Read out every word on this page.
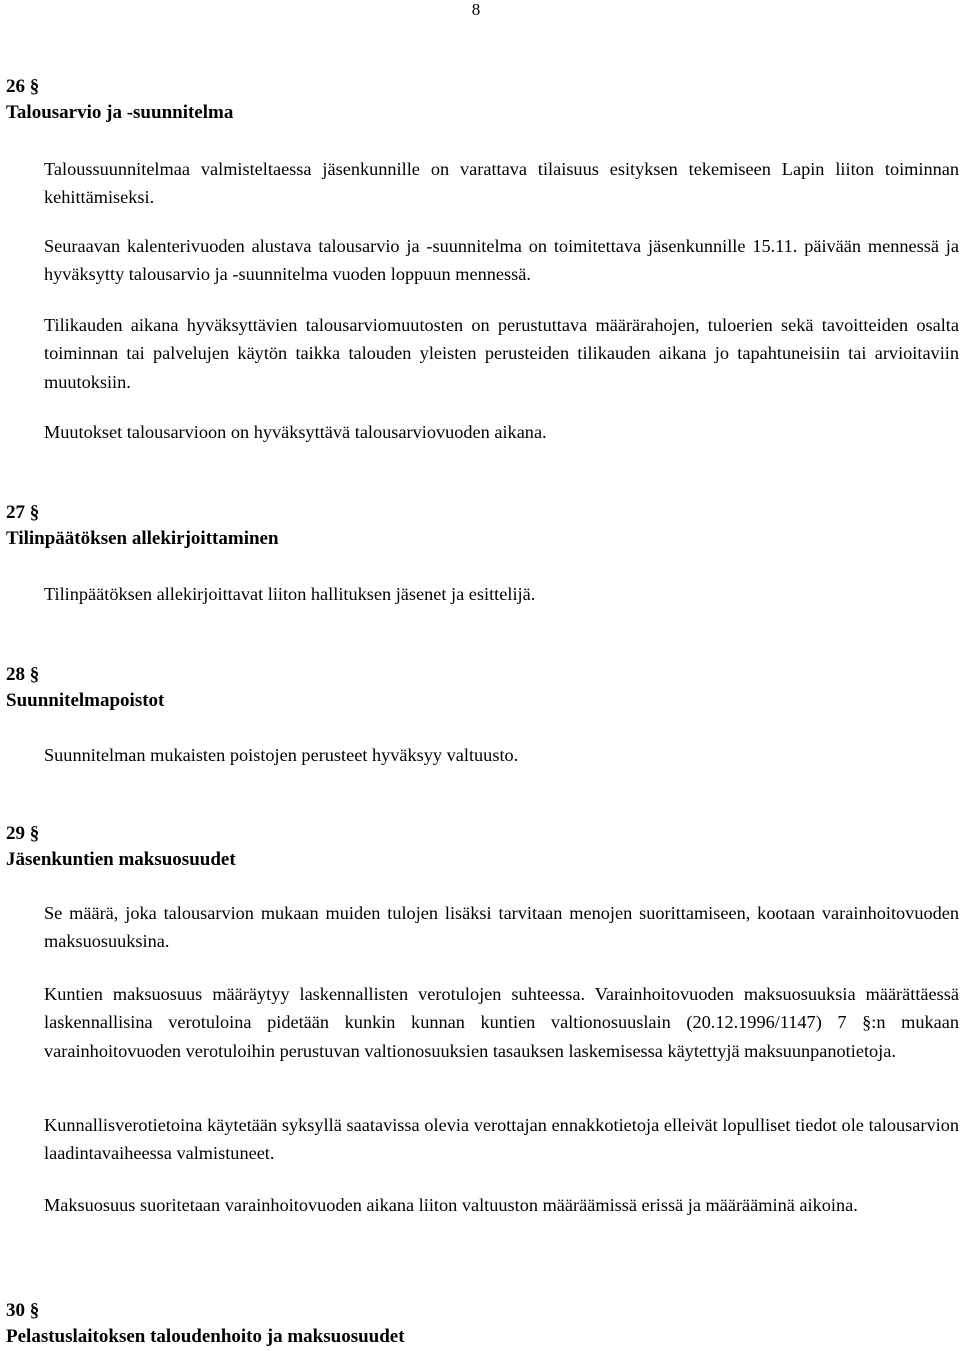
8

26 §

Talousarvio ja -suunnitelma

Taloussuunnitelmaa valmisteltaessa jäsenkunnille on varattava tilaisuus esityksen tekemiseen Lapin liiton toiminnan kehittämiseksi.

Seuraavan kalenterivuoden alustava talousarvio ja -suunnitelma on toimitettava jäsenkunnille 15.11. päivään mennessä ja hyväksytty talousarvio ja -suunnitelma vuoden loppuun mennessä.

Tilikauden aikana hyväksyttävien talousarviomuutosten on perustuttava määrärahojen, tuloerien sekä tavoitteiden osalta toiminnan tai palvelujen käytön taikka talouden yleisten perusteiden tilikauden aikana jo tapahtuneisiin tai arvioitaviin muutoksiin.

Muutokset talousarvioon on hyväksyttävä talousarviovuoden aikana.

27 §

Tilinpäätöksen allekirjoittaminen

Tilinpäätöksen allekirjoittavat liiton hallituksen jäsenet ja esittelijä.

28 §

Suunnitelmapoistot

Suunnitelman mukaisten poistojen perusteet hyväksyy valtuusto.

29 §

Jäsenkuntien maksuosuudet

Se määrä, joka talousarvion mukaan muiden tulojen lisäksi tarvitaan menojen suorittamiseen, kootaan varainhoitovuoden maksuosuuksina.

Kuntien maksuosuus määräytyy laskennallisten verotulojen suhteessa. Varainhoitovuoden maksuosuuksia määrättäessä laskennallisina verotuloina pidetään kunkin kunnan kuntien valtionosuuslain (20.12.1996/1147) 7 §:n mukaan varainhoitovuoden verotuloihin perustuvan valtionosuuksien tasauksen laskemisessa käytettyjä maksuunpanotietoja.

Kunnallisverotietoina käytetään syksyllä saatavissa olevia verottajan ennakkotietoja elleivät lopulliset tiedot ole talousarvion laadintavaiheessa valmistuneet.

Maksuosuus suoritetaan varainhoitovuoden aikana liiton valtuuston määräämissä erissä ja määrääminä aikoina.

30 §

Pelastuslaitoksen taloudenhoito ja maksuosuudet
